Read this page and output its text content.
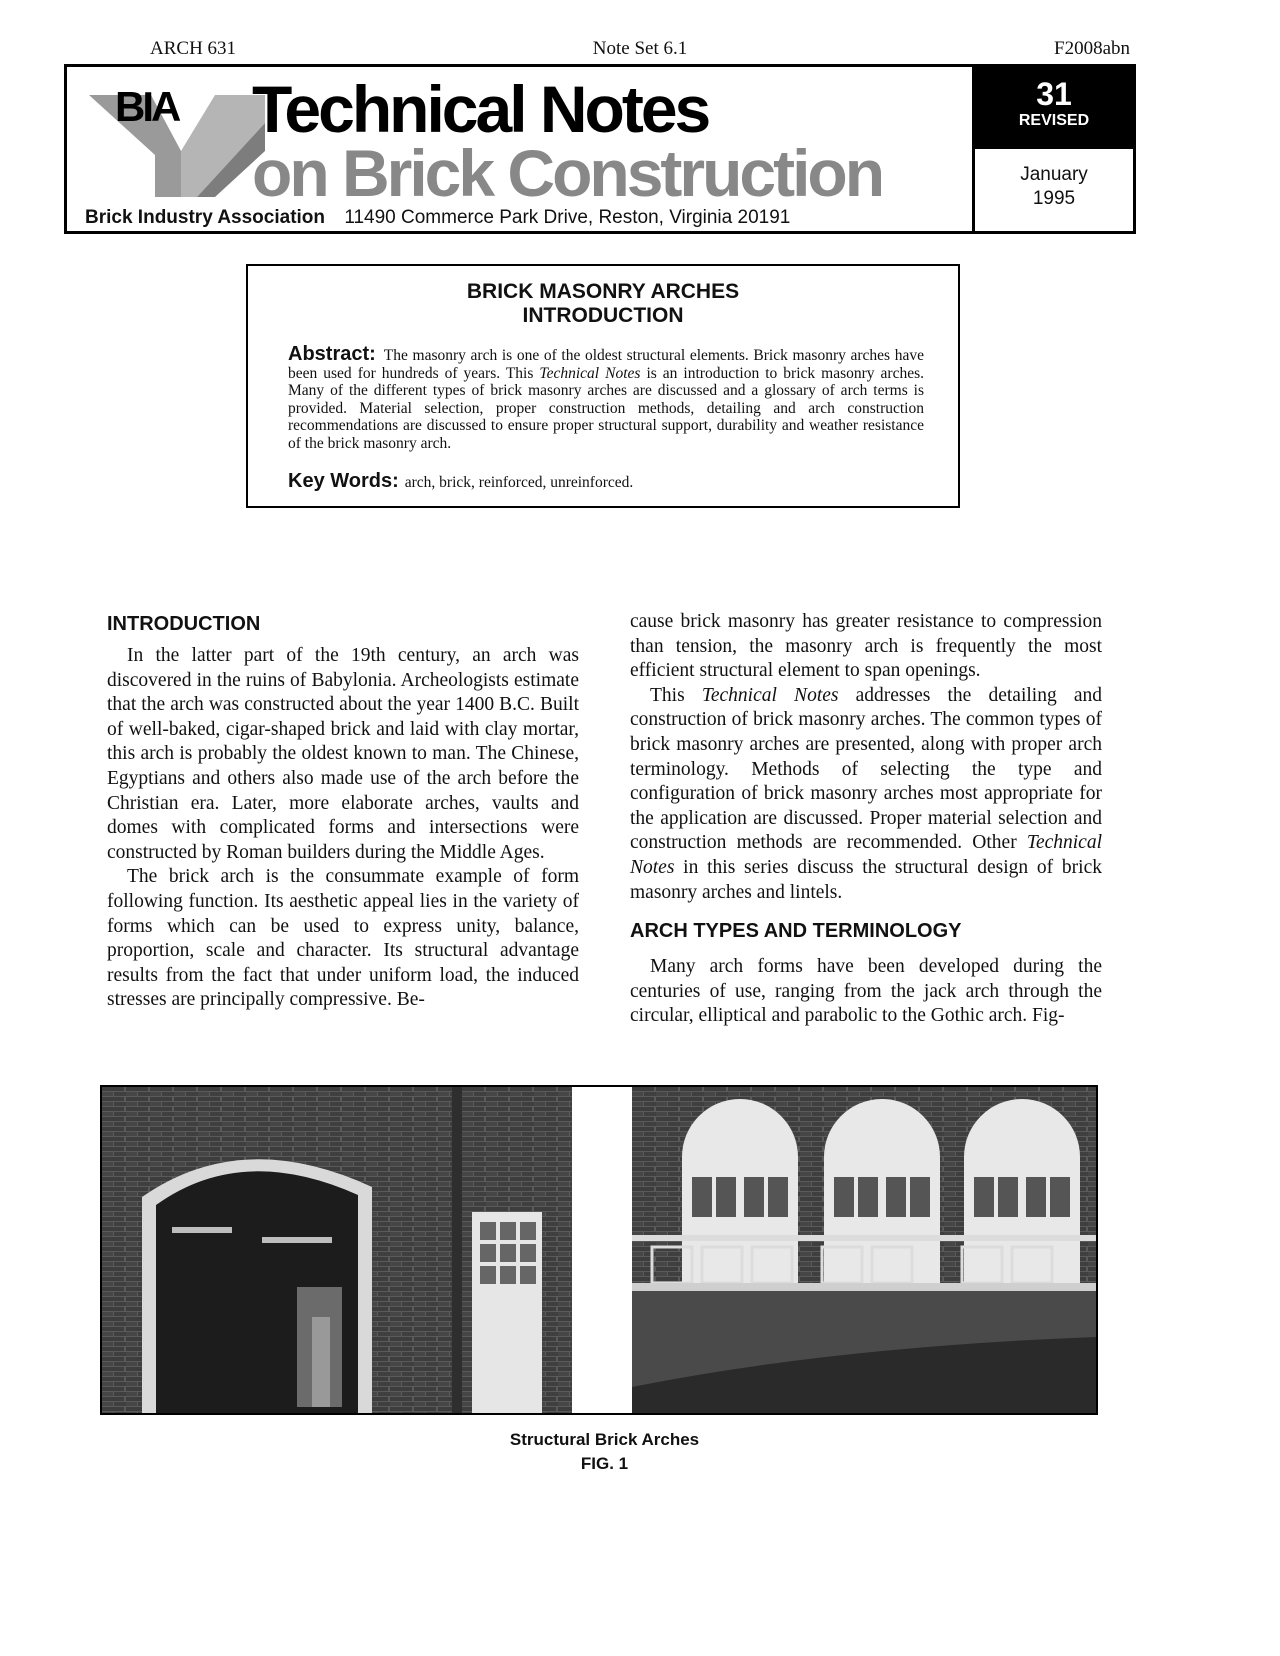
ARCH 631	Note Set 6.1	F2008abn
BIA Technical Notes
on Brick Construction
Brick Industry Association 11490 Commerce Park Drive, Reston, Virginia 20191
31
REVISED
January
1995
BRICK MASONRY ARCHES
INTRODUCTION
Abstract: The masonry arch is one of the oldest structural elements. Brick masonry arches have been used for hundreds of years. This Technical Notes is an introduction to brick masonry arches. Many of the different types of brick masonry arches are discussed and a glossary of arch terms is provided. Material selection, proper construction methods, detailing and arch construction recommendations are discussed to ensure proper structural support, durability and weather resistance of the brick masonry arch.
Key Words: arch, brick, reinforced, unreinforced.
INTRODUCTION

In the latter part of the 19th century, an arch was discovered in the ruins of Babylonia. Archeologists estimate that the arch was constructed about the year 1400 B.C. Built of well-baked, cigar-shaped brick and laid with clay mortar, this arch is probably the oldest known to man. The Chinese, Egyptians and others also made use of the arch before the Christian era. Later, more elaborate arches, vaults and domes with complicated forms and intersections were constructed by Roman builders during the Middle Ages.

The brick arch is the consummate example of form following function. Its aesthetic appeal lies in the variety of forms which can be used to express unity, balance, proportion, scale and character. Its structural advantage results from the fact that under uniform load, the induced stresses are principally compressive. Be-

cause brick masonry has greater resistance to compression than tension, the masonry arch is frequently the most efficient structural element to span openings.

This Technical Notes addresses the detailing and construction of brick masonry arches. The common types of brick masonry arches are presented, along with proper arch terminology. Methods of selecting the type and configuration of brick masonry arches most appropriate for the application are discussed. Proper material selection and construction methods are recommended. Other Technical Notes in this series discuss the structural design of brick masonry arches and lintels.

ARCH TYPES AND TERMINOLOGY

Many arch forms have been developed during the centuries of use, ranging from the jack arch through the circular, elliptical and parabolic to the Gothic arch. Fig-

Structural Brick Arches
FIG. 1
